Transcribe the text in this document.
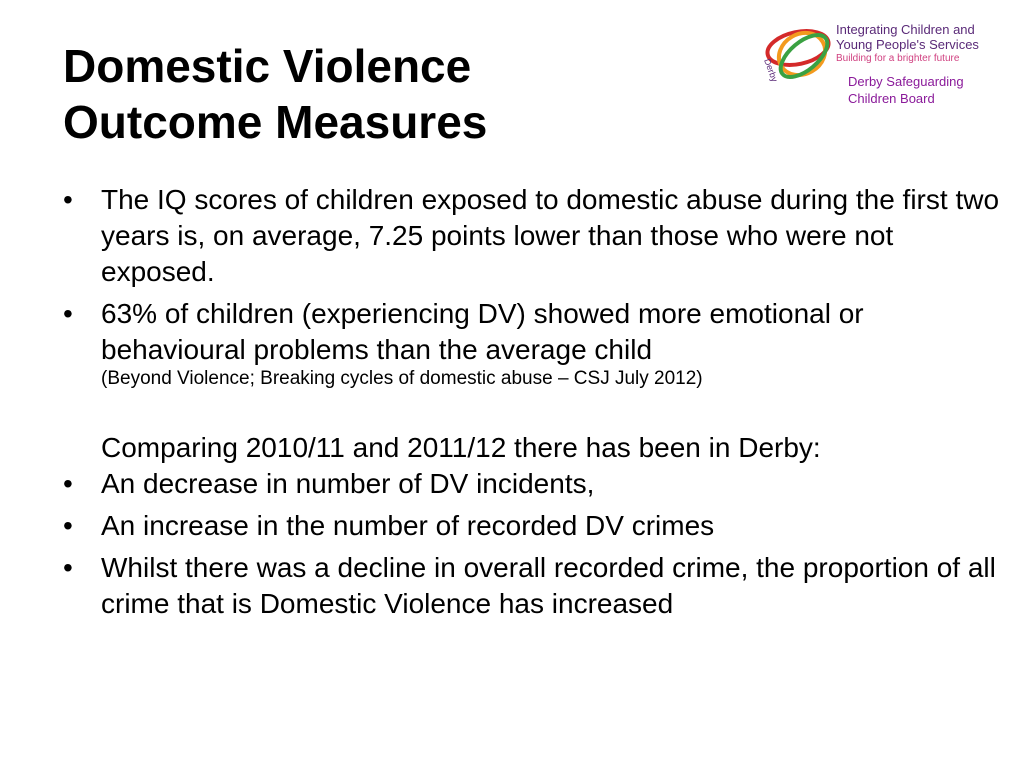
Domestic Violence
Outcome Measures
Derby
Integrating Children and
Young People's Services
Building for a brighter future
Derby Safeguarding
Children Board
•	The IQ scores of children exposed to domestic abuse during the first two years is, on average, 7.25 points lower than those who were not exposed.
•	63% of children (experiencing DV) showed more emotional or behavioural problems than the average child
(Beyond Violence; Breaking cycles of domestic abuse – CSJ July 2012)
Comparing 2010/11 and 2011/12 there has been in Derby:
•	An decrease in number of DV incidents,
•	An increase in the number of recorded DV crimes
•	Whilst there was a decline in overall recorded crime, the proportion of all crime that is Domestic Violence has increased
